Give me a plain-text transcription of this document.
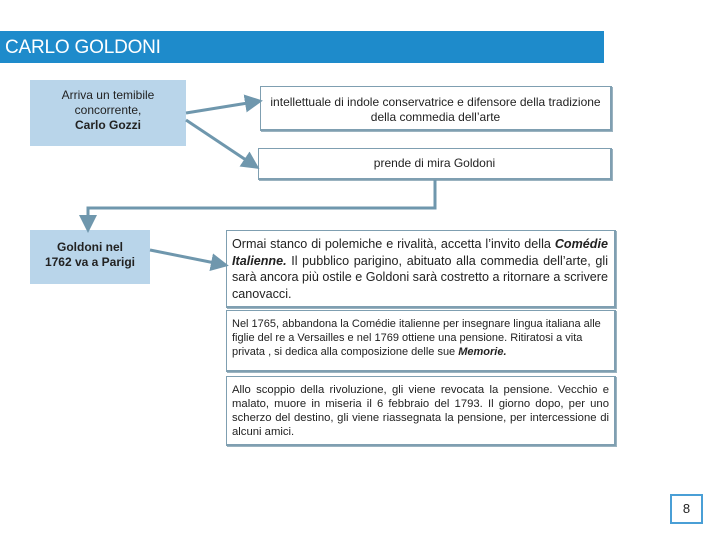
CARLO GOLDONI
Arriva un temibile
concorrente,
Carlo Gozzi
intellettuale di indole conservatrice e difensore della tradizione della commedia dell’arte
prende di mira Goldoni
Goldoni nel
1762 va a Parigi
Ormai stanco di polemiche e rivalità, accetta l’invito della Comédie Italienne. Il pubblico parigino, abituato alla commedia dell’arte, gli sarà ancora più ostile e Goldoni sarà costretto a ritornare a scrivere canovacci.
Nel 1765, abbandona la Comédie italienne per insegnare lingua italiana alle figlie del re a Versailles e nel 1769 ottiene una pensione. Ritiratosi a vita privata , si dedica alla composizione delle sue Memorie.
Allo scoppio della rivoluzione, gli viene revocata la pensione. Vecchio e malato, muore in miseria il 6 febbraio del 1793. Il giorno dopo, per uno scherzo del destino, gli viene riassegnata la pensione, per intercessione di alcuni amici.
8
